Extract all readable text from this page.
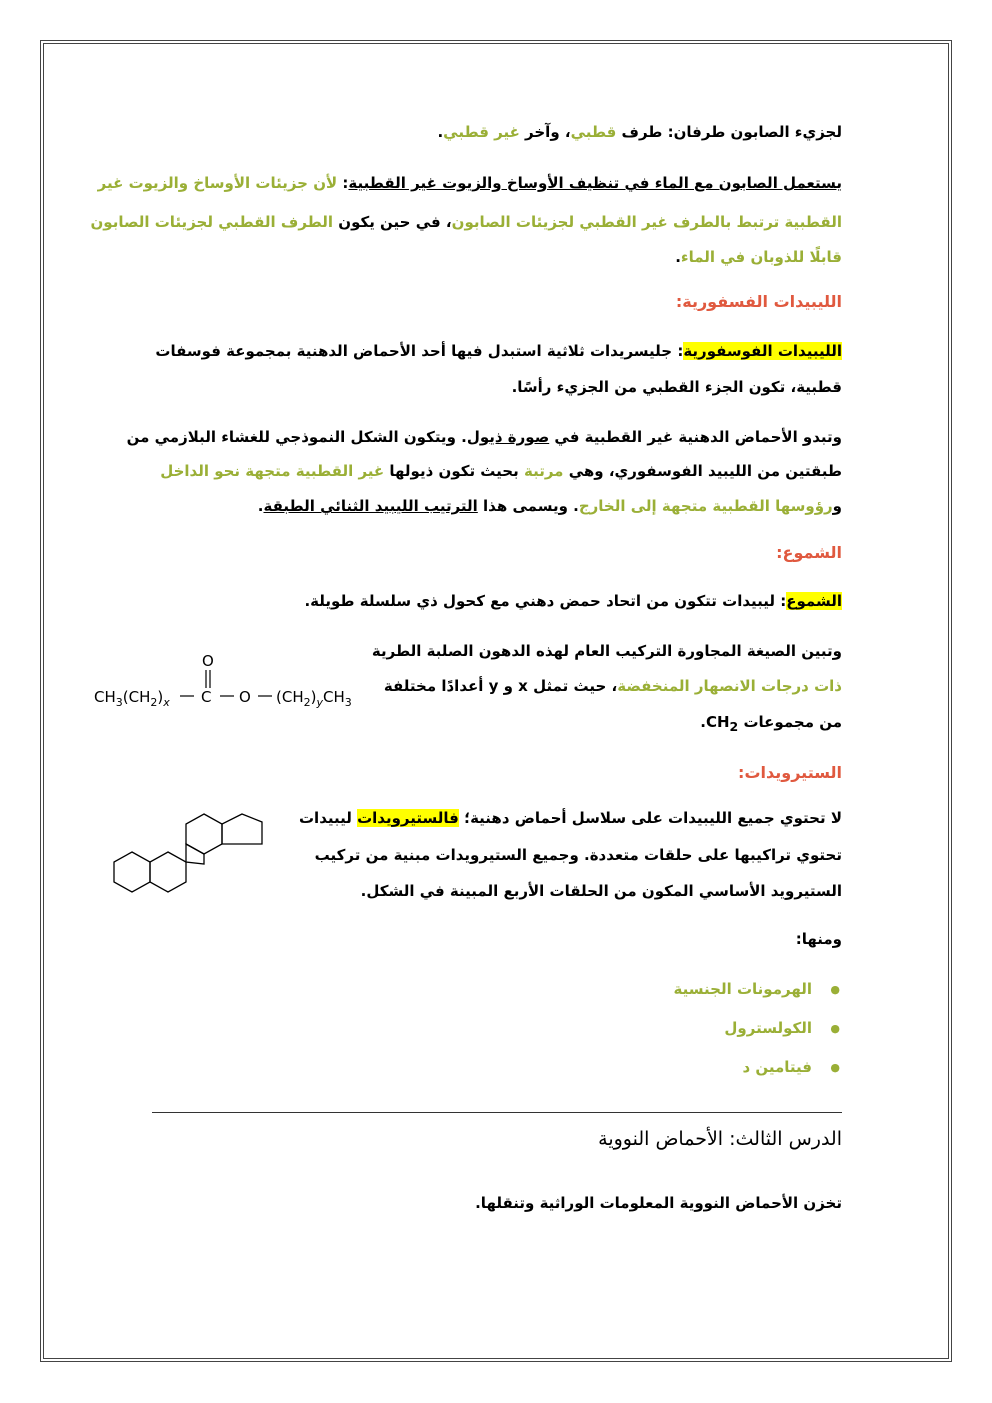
لجزيء الصابون طرفان: طرف قطبي، وآخر غير قطبي.

يستعمل الصابون مع الماء في تنظيف الأوساخ والزيوت غير القطبية: لأن جزيئات الأوساخ والزيوت غير

القطبية ترتبط بالطرف غير القطبي لجزيئات الصابون، في حين يكون الطرف القطبي لجزيئات الصابون

قابلًا للذوبان في الماء.

الليبيدات الفسفورية:

الليبيدات الفوسفورية: جليسريدات ثلاثية استبدل فيها أحد الأحماض الدهنية بمجموعة فوسفات

قطبية، تكون الجزء القطبي من الجزيء رأسًا.

وتبدو الأحماض الدهنية غير القطبية في صورة ذيول. ويتكون الشكل النموذجي للغشاء البلازمي من

طبقتين من الليبيد الفوسفوري، وهي مرتبة بحيث تكون ذيولها غير القطبية متجهة نحو الداخل

ورؤوسها القطبية متجهة إلى الخارج. ويسمى هذا الترتيب الليبيد الثنائي الطبقة.

الشموع:

الشموع: ليبيدات تتكون من اتحاد حمض دهني مع كحول ذي سلسلة طويلة.

وتبين الصيغة المجاورة التركيب العام لهذه الدهون الصلبة الطرية

ذات درجات الانصهار المنخفضة، حيث تمثل x و y أعدادًا مختلفة

من مجموعات $CH_2$.

الستيرويدات:

لا تحتوي جميع الليبيدات على سلاسل أحماض دهنية؛ فالستيرويدات ليبيدات

تحتوي تراكيبها على حلقات متعددة. وجميع الستيرويدات مبنية من تركيب

الستيرويد الأساسي المكون من الحلقات الأربع المبينة في الشكل.

ومنها:

● الهرمونات الجنسية
● الكولسترول
● فيتامين د

تخزن الأحماض النووية المعلومات الوراثية وتنقلها.

الدرس الثالث: الأحماض النووية
$CH_3(CH_2)_x$ C
O
O $(CH_2)_yCH_3$
